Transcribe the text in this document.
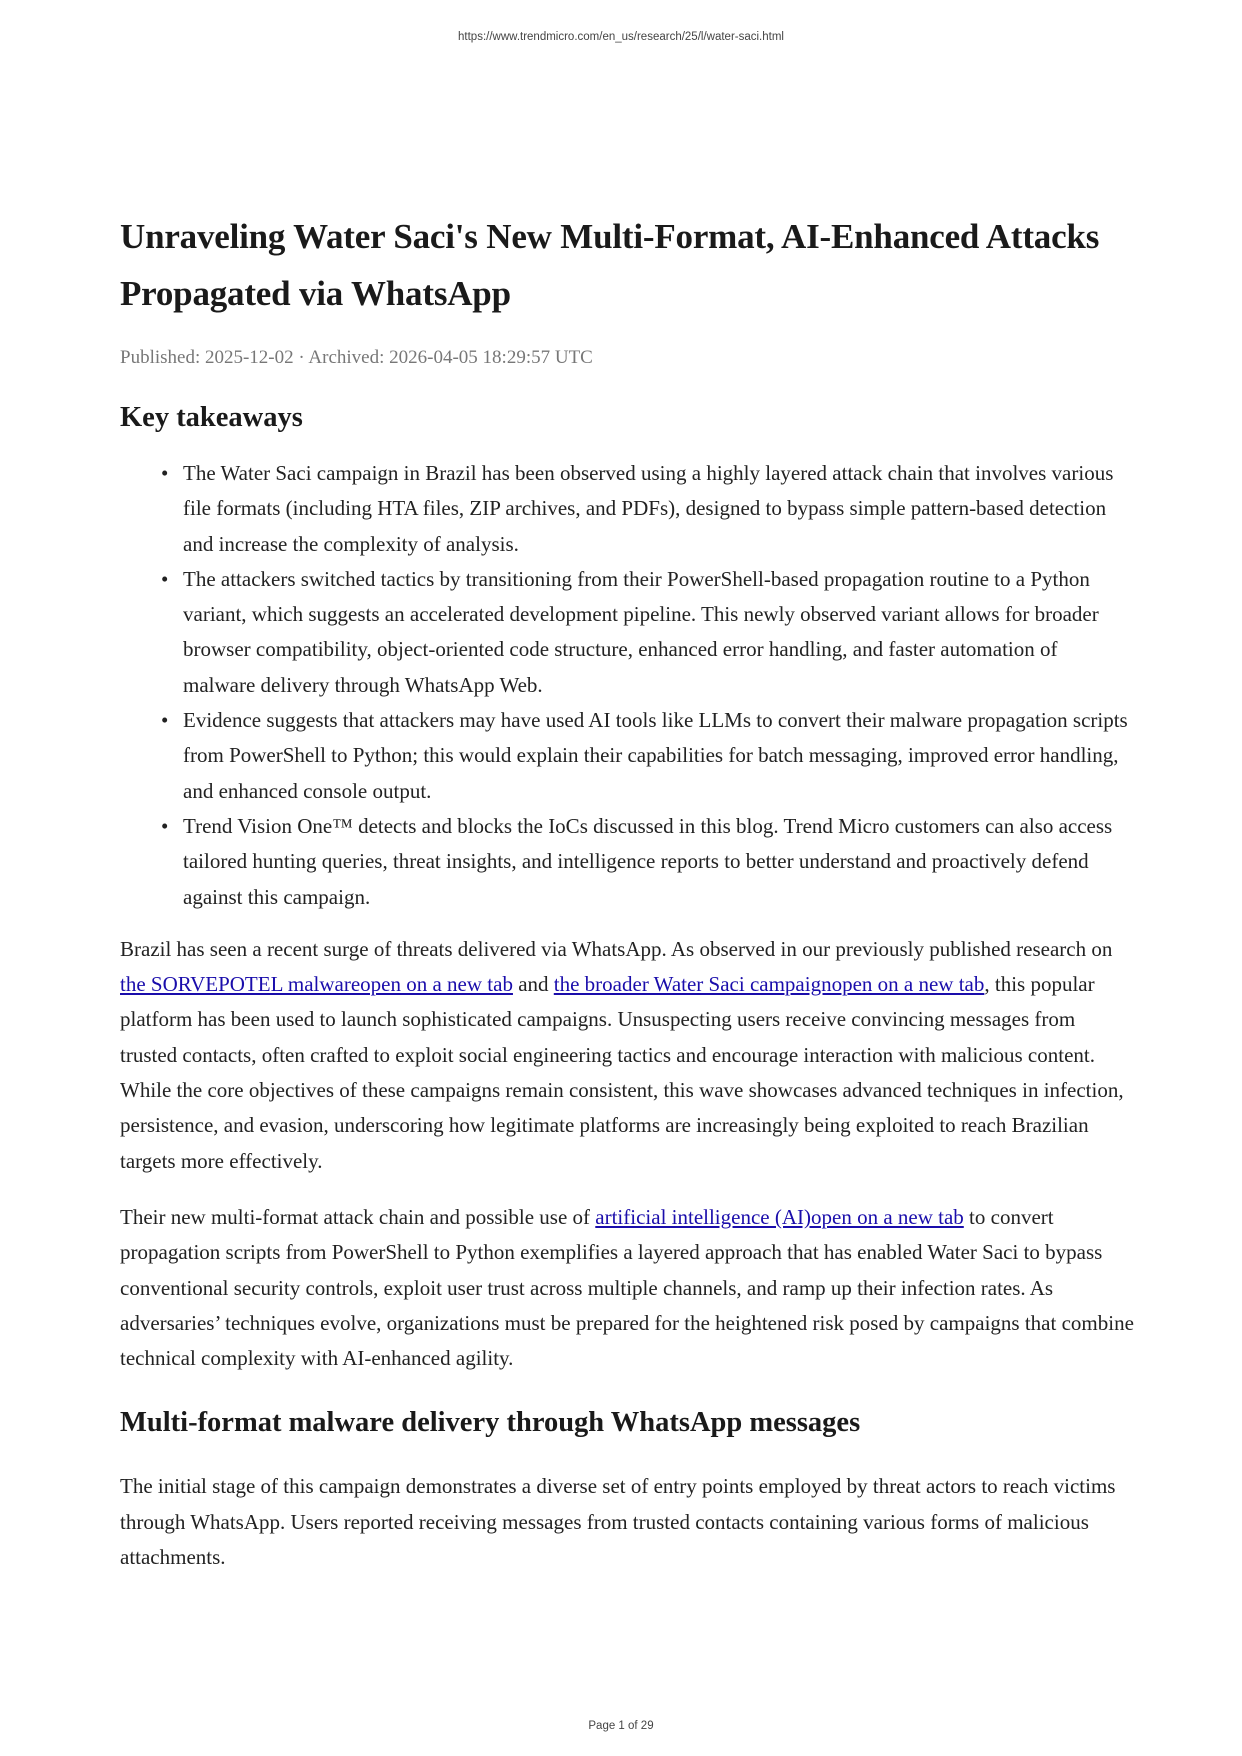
https://www.trendmicro.com/en_us/research/25/l/water-saci.html
Unraveling Water Saci's New Multi-Format, AI-Enhanced Attacks Propagated via WhatsApp
Published: 2025-12-02 · Archived: 2026-04-05 18:29:57 UTC
Key takeaways
• The Water Saci campaign in Brazil has been observed using a highly layered attack chain that involves various file formats (including HTA files, ZIP archives, and PDFs), designed to bypass simple pattern-based detection and increase the complexity of analysis.
• The attackers switched tactics by transitioning from their PowerShell-based propagation routine to a Python variant, which suggests an accelerated development pipeline. This newly observed variant allows for broader browser compatibility, object-oriented code structure, enhanced error handling, and faster automation of malware delivery through WhatsApp Web.
• Evidence suggests that attackers may have used AI tools like LLMs to convert their malware propagation scripts from PowerShell to Python; this would explain their capabilities for batch messaging, improved error handling, and enhanced console output.
• Trend Vision One™ detects and blocks the IoCs discussed in this blog. Trend Micro customers can also access tailored hunting queries, threat insights, and intelligence reports to better understand and proactively defend against this campaign.

Brazil has seen a recent surge of threats delivered via WhatsApp. As observed in our previously published research on the SORVEPOTEL malwareopen on a new tab and the broader Water Saci campaignopen on a new tab, this popular platform has been used to launch sophisticated campaigns. Unsuspecting users receive convincing messages from trusted contacts, often crafted to exploit social engineering tactics and encourage interaction with malicious content. While the core objectives of these campaigns remain consistent, this wave showcases advanced techniques in infection, persistence, and evasion, underscoring how legitimate platforms are increasingly being exploited to reach Brazilian targets more effectively.

Their new multi-format attack chain and possible use of artificial intelligence (AI)open on a new tab to convert propagation scripts from PowerShell to Python exemplifies a layered approach that has enabled Water Saci to bypass conventional security controls, exploit user trust across multiple channels, and ramp up their infection rates. As adversaries’ techniques evolve, organizations must be prepared for the heightened risk posed by campaigns that combine technical complexity with AI-enhanced agility.

Multi-format malware delivery through WhatsApp messages

The initial stage of this campaign demonstrates a diverse set of entry points employed by threat actors to reach victims through WhatsApp. Users reported receiving messages from trusted contacts containing various forms of malicious attachments.

Page 1 of 29
